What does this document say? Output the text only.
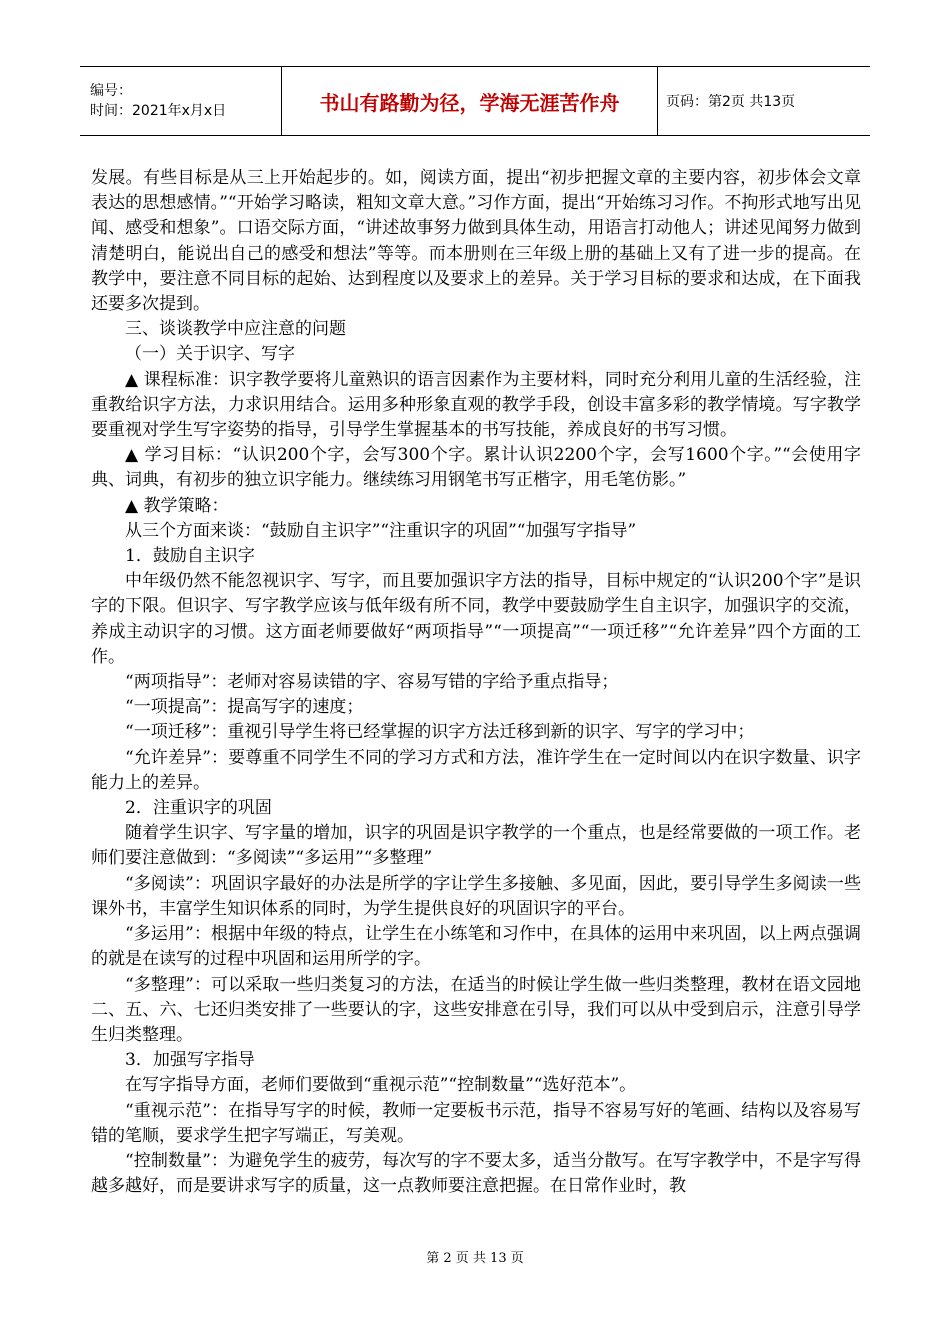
编号：
时间：2021年x月x日	书山有路勤为径，学海无涯苦作舟	页码：第2页 共13页

发展。有些目标是从三上开始起步的。如，阅读方面，提出“初步把握文章的主要内容，初步体会文章表达的思想感情。”“开始学习略读，粗知文章大意。”习作方面，提出“开始练习习作。不拘形式地写出见闻、感受和想象”。口语交际方面，“讲述故事努力做到具体生动，用语言打动他人；讲述见闻努力做到清楚明白，能说出自己的感受和想法”等等。而本册则在三年级上册的基础上又有了进一步的提高。在教学中，要注意不同目标的起始、达到程度以及要求上的差异。关于学习目标的要求和达成，在下面我还要多次提到。

三、谈谈教学中应注意的问题

（一）关于识字、写字

▲ 课程标准：识字教学要将儿童熟识的语言因素作为主要材料，同时充分利用儿童的生活经验，注重教给识字方法，力求识用结合。运用多种形象直观的教学手段，创设丰富多彩的教学情境。写字教学要重视对学生写字姿势的指导，引导学生掌握基本的书写技能，养成良好的书写习惯。

▲ 学习目标：“认识200个字，会写300个字。累计认识2200个字，会写1600个字。”“会使用字典、词典，有初步的独立识字能力。继续练习用钢笔书写正楷字，用毛笔仿影。”

▲ 教学策略：

从三个方面来谈：“鼓励自主识字”“注重识字的巩固”“加强写字指导”

1．鼓励自主识字

中年级仍然不能忽视识字、写字，而且要加强识字方法的指导，目标中规定的“认识200个字”是识字的下限。但识字、写字教学应该与低年级有所不同，教学中要鼓励学生自主识字，加强识字的交流，养成主动识字的习惯。这方面老师要做好“两项指导”“一项提高”“一项迁移”“允许差异”四个方面的工作。

“两项指导”：老师对容易读错的字、容易写错的字给予重点指导；

“一项提高”：提高写字的速度；

“一项迁移”：重视引导学生将已经掌握的识字方法迁移到新的识字、写字的学习中；

“允许差异”：要尊重不同学生不同的学习方式和方法，准许学生在一定时间以内在识字数量、识字能力上的差异。

2．注重识字的巩固

随着学生识字、写字量的增加，识字的巩固是识字教学的一个重点，也是经常要做的一项工作。老师们要注意做到：“多阅读”“多运用”“多整理”

“多阅读”：巩固识字最好的办法是所学的字让学生多接触、多见面，因此，要引导学生多阅读一些课外书，丰富学生知识体系的同时，为学生提供良好的巩固识字的平台。

“多运用”：根据中年级的特点，让学生在小练笔和习作中，在具体的运用中来巩固，以上两点强调的就是在读写的过程中巩固和运用所学的字。

“多整理”：可以采取一些归类复习的方法，在适当的时候让学生做一些归类整理，教材在语文园地二、五、六、七还归类安排了一些要认的字，这些安排意在引导，我们可以从中受到启示，注意引导学生归类整理。

3．加强写字指导

在写字指导方面，老师们要做到“重视示范”“控制数量”“选好范本”。

“重视示范”：在指导写字的时候，教师一定要板书示范，指导不容易写好的笔画、结构以及容易写错的笔顺，要求学生把字写端正，写美观。

“控制数量”：为避免学生的疲劳，每次写的字不要太多，适当分散写。在写字教学中，不是字写得越多越好，而是要讲求写字的质量，这一点教师要注意把握。在日常作业时，教

第 2 页 共 13 页
